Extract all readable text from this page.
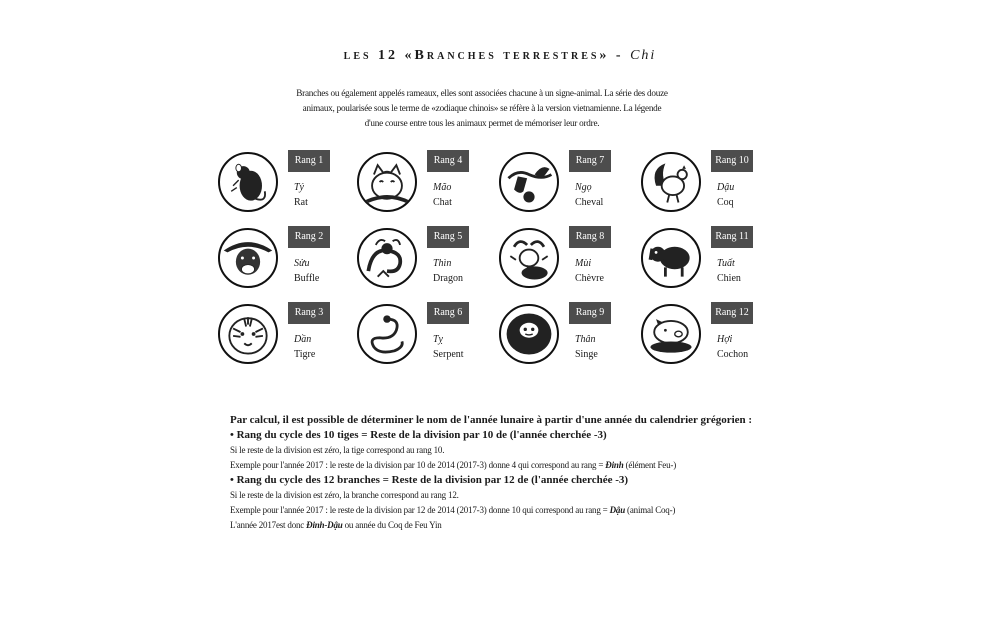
les 12 «Branches terrestres» - Chi
Branches ou également appelés rameaux, elles sont associées chacune à un signe-animal. La série des douze
animaux, poularisée sous le terme de «zodiaque chinois» se réfère à la version vietnamienne. La légende
d'une course entre tous les animaux permet de mémoriser leur ordre.
Rang 1
Tý
Rat
Rang 2
Sửu
Buffle
Rang 3
Dần
Tigre
Rang 4
Mão
Chat
Rang 5
Thìn
Dragon
Rang 6
Tỵ
Serpent
Rang 7
Ngọ
Cheval
Rang 8
Mùi
Chèvre
Rang 9
Thân
Singe
Rang 10
Dậu
Coq
Rang 11
Tuất
Chien
Rang 12
Hợi
Cochon
Par calcul, il est possible de déterminer le nom de l'année lunaire à partir d'une année du calendrier grégorien :
• Rang du cycle des 10 tiges = Reste de la division par 10 de (l'année cherchée -3)
Si le reste de la division est zéro, la tige correspond au rang 10.
Exemple pour l'année 2017 : le reste de la division par 10 de 2014 (2017-3) donne 4 qui correspond au rang = Đinh (élément Feu-)
• Rang du cycle des 12 branches = Reste de la division par 12 de (l'année cherchée -3)
Si le reste de la division est zéro, la branche correspond au rang 12.
Exemple pour l'année 2017 : le reste de la division par 12 de 2014 (2017-3) donne 10 qui correspond au rang = Dậu (animal Coq-)
L'année 2017est donc Đinh-Dậu ou année du Coq de Feu Yin
